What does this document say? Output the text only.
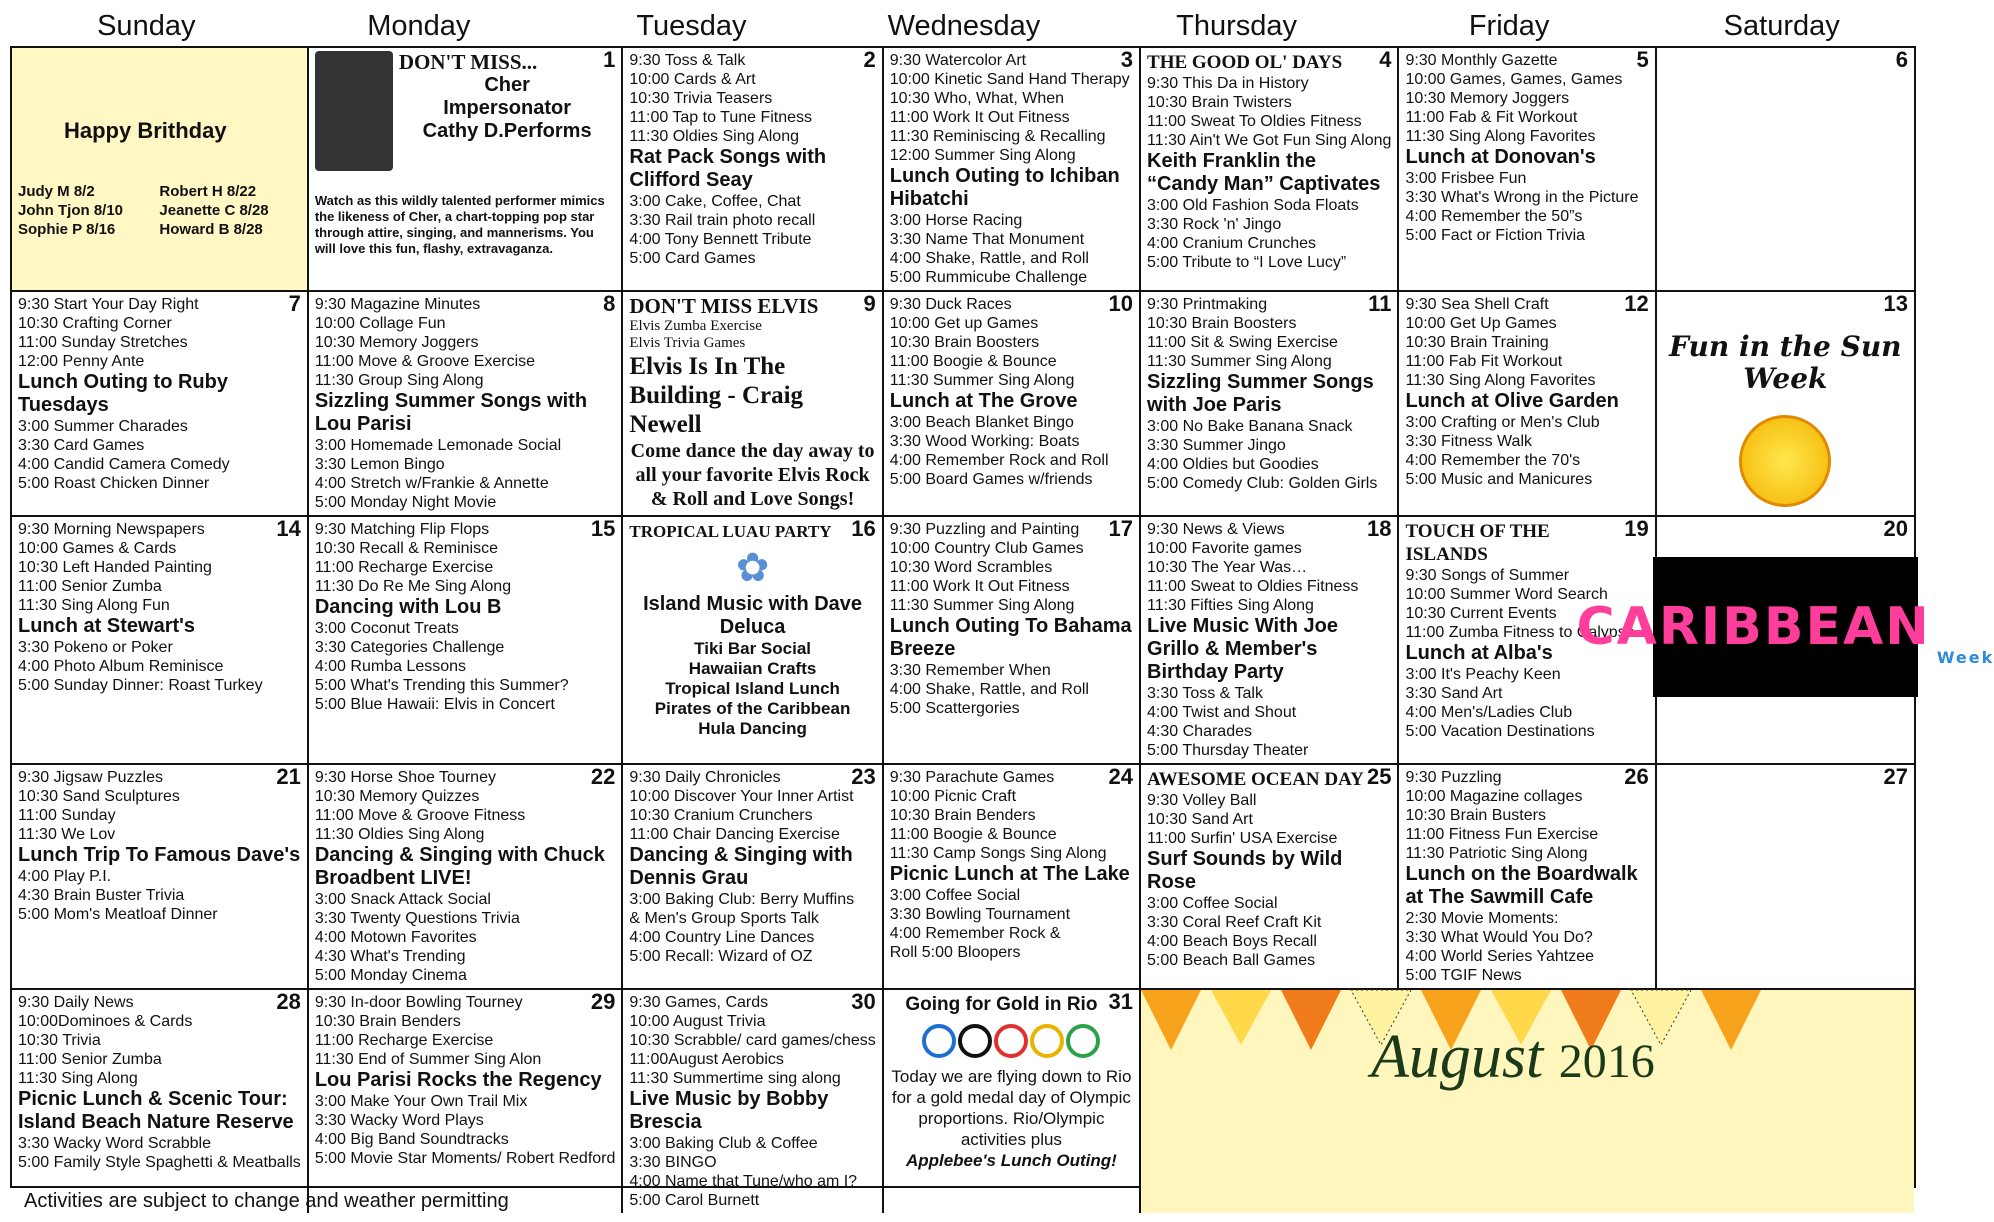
Sunday	Monday	Tuesday	Wednesday	Thursday	Friday	Saturday
Happy Brithday
Judy M 8/2	Robert H 8/22
John Tjon 8/10	Jeanette C 8/28
Sophie P 8/16	Howard B 8/28
1
DON'T MISS...
Cher
Impersonator
Cathy D.Performs
Watch as this wildly talented performer mimics the likeness of Cher, a chart-topping pop star through attire, singing, and mannerisms. You will love this fun, flashy, extravaganza.
2
9:30 Toss & Talk
10:00 Cards & Art
10:30 Trivia Teasers
11:00 Tap to Tune Fitness
11:30 Oldies Sing Along
Rat Pack Songs with Clifford Seay
3:00 Cake, Coffee, Chat
3:30 Rail train photo recall
4:00 Tony Bennett Tribute
5:00 Card Games
3
9:30 Watercolor Art
10:00 Kinetic Sand Hand Therapy
10:30 Who, What, When
11:00 Work It Out Fitness
11:30 Reminiscing & Recalling
12:00 Summer Sing Along
Lunch Outing to Ichiban Hibatchi
3:00 Horse Racing
3:30 Name That Monument
4:00 Shake, Rattle, and Roll
5:00 Rummicube Challenge
4
THE GOOD OL' DAYS
9:30 This Da in History
10:30 Brain Twisters
11:00 Sweat To Oldies Fitness
11:30 Ain't We Got Fun Sing Along
Keith Franklin the “Candy Man” Captivates
3:00 Old Fashion Soda Floats
3:30 Rock 'n' Jingo
4:00 Cranium Crunches
5:00 Tribute to “I Love Lucy”
5
9:30 Monthly Gazette
10:00 Games, Games, Games
10:30 Memory Joggers
11:00 Fab & Fit Workout
11:30 Sing Along Favorites
Lunch at Donovan's
3:00 Frisbee Fun
3:30 What's Wrong in the Picture
4:00 Remember the 50”s
5:00 Fact or Fiction Trivia
6
7
9:30 Start Your Day Right
10:30 Crafting Corner
11:00 Sunday Stretches
12:00 Penny Ante
Lunch Outing to Ruby Tuesdays
3:00 Summer Charades
3:30 Card Games
4:00 Candid Camera Comedy
5:00 Roast Chicken Dinner
8
9:30 Magazine Minutes
10:00 Collage Fun
10:30 Memory Joggers
11:00 Move & Groove Exercise
11:30 Group Sing Along
Sizzling Summer Songs with Lou Parisi
3:00 Homemade Lemonade Social
3:30 Lemon Bingo
4:00 Stretch w/Frankie & Annette
5:00 Monday Night Movie
9
DON'T MISS ELVIS
Elvis Zumba Exercise
Elvis Trivia Games
Elvis Is In The Building - Craig Newell
Come dance the day away to all your favorite Elvis Rock & Roll and Love Songs!
10
9:30 Duck Races
10:00 Get up Games
10:30 Brain Boosters
11:00 Boogie & Bounce
11:30 Summer Sing Along
Lunch at The Grove
3:00 Beach Blanket Bingo
3:30 Wood Working: Boats
4:00 Remember Rock and Roll
5:00 Board Games w/friends
11
9:30 Printmaking
10:30 Brain Boosters
11:00 Sit & Swing Exercise
11:30 Summer Sing Along
Sizzling Summer Songs with Joe Paris
3:00 No Bake Banana Snack
3:30 Summer Jingo
4:00 Oldies but Goodies
5:00 Comedy Club: Golden Girls
12
9:30 Sea Shell Craft
10:00 Get Up Games
10:30 Brain Training
11:00 Fab Fit Workout
11:30 Sing Along Favorites
Lunch at Olive Garden
3:00 Crafting or Men's Club
3:30 Fitness Walk
4:00 Remember the 70's
5:00 Music and Manicures
13
Fun in the Sun Week
14
9:30 Morning Newspapers
10:00 Games & Cards
10:30 Left Handed Painting
11:00 Senior Zumba
11:30 Sing Along Fun
Lunch at Stewart's
3:30 Pokeno or Poker
4:00 Photo Album Reminisce
5:00 Sunday Dinner: Roast Turkey
15
9:30 Matching Flip Flops
10:30 Recall & Reminisce
11:00 Recharge Exercise
11:30 Do Re Me Sing Along
Dancing with Lou B
3:00 Coconut Treats
3:30 Categories Challenge
4:00 Rumba Lessons
5:00 What's Trending this Summer?
5:00 Blue Hawaii: Elvis in Concert
16
TROPICAL LUAU PARTY
✿
Island Music with Dave Deluca
Tiki Bar Social
Hawaiian Crafts
Tropical Island Lunch
Pirates of the Caribbean
Hula Dancing
17
9:30 Puzzling and Painting
10:00 Country Club Games
10:30 Word Scrambles
11:00 Work It Out Fitness
11:30 Summer Sing Along
Lunch Outing To Bahama Breeze
3:30 Remember When
4:00 Shake, Rattle, and Roll
5:00 Scattergories
18
9:30 News & Views
10:00 Favorite games
10:30 The Year Was…
11:00 Sweat to Oldies Fitness
11:30 Fifties Sing Along
Live Music With Joe Grillo & Member's Birthday Party
3:30 Toss & Talk
4:00 Twist and Shout
4:30 Charades
5:00 Thursday Theater
19
TOUCH OF THE ISLANDS
9:30 Songs of Summer
10:00 Summer Word Search
10:30 Current Events
11:00 Zumba Fitness to Calypso
Lunch at Alba's
3:00 It's Peachy Keen
3:30 Sand Art
4:00 Men's/Ladies Club
5:00 Vacation Destinations
20
CARIBBEAN
Week
21
9:30 Jigsaw Puzzles
10:30 Sand Sculptures
11:00 Sunday
11:30 We Lov
Lunch Trip To Famous Dave's
4:00 Play P.I.
4:30 Brain Buster Trivia
5:00 Mom's Meatloaf Dinner
22
9:30 Horse Shoe Tourney
10:30 Memory Quizzes
11:00 Move & Groove Fitness
11:30 Oldies Sing Along
Dancing & Singing with Chuck Broadbent LIVE!
3:00 Snack Attack Social
3:30 Twenty Questions Trivia
4:00 Motown Favorites
4:30 What's Trending
5:00 Monday Cinema
23
9:30 Daily Chronicles
10:00 Discover Your Inner Artist
10:30 Cranium Crunchers
11:00 Chair Dancing Exercise
Dancing & Singing with Dennis Grau
3:00 Baking Club: Berry Muffins
& Men's Group Sports Talk
4:00 Country Line Dances
5:00 Recall: Wizard of OZ
24
9:30 Parachute Games
10:00 Picnic Craft
10:30 Brain Benders
11:00 Boogie & Bounce
11:30 Camp Songs Sing Along
Picnic Lunch at The Lake
3:00 Coffee Social
3:30 Bowling Tournament
4:00 Remember Rock &
Roll 5:00 Bloopers
25
AWESOME OCEAN DAY
9:30 Volley Ball
10:30 Sand Art
11:00 Surfin' USA Exercise
Surf Sounds by Wild Rose
3:00 Coffee Social
3:30 Coral Reef Craft Kit
4:00 Beach Boys Recall
5:00 Beach Ball Games
26
9:30 Puzzling
10:00 Magazine collages
10:30 Brain Busters
11:00 Fitness Fun Exercise
11:30 Patriotic Sing Along
Lunch on the Boardwalk at The Sawmill Cafe
2:30 Movie Moments:
3:30 What Would You Do?
4:00 World Series Yahtzee
5:00 TGIF News
27
28
9:30 Daily News
10:00Dominoes & Cards
10:30 Trivia
11:00 Senior Zumba
11:30 Sing Along
Picnic Lunch & Scenic Tour: Island Beach Nature Reserve
3:30 Wacky Word Scrabble
5:00 Family Style Spaghetti & Meatballs
29
9:30 In-door Bowling Tourney
10:30 Brain Benders
11:00 Recharge Exercise
11:30 End of Summer Sing Alon
Lou Parisi Rocks the Regency
3:00 Make Your Own Trail Mix
3:30 Wacky Word Plays
4:00 Big Band Soundtracks
5:00 Movie Star Moments/ Robert Redford
30
9:30 Games, Cards
10:00 August Trivia
10:30 Scrabble/ card games/chess
11:00August Aerobics
11:30 Summertime sing along
Live Music by Bobby Brescia
3:00 Baking Club & Coffee
3:30 BINGO
4:00 Name that Tune/who am I?
5:00 Carol Burnett
31
Going for Gold in Rio
Today we are flying down to Rio for a gold medal day of Olympic proportions. Rio/Olympic activities plus
Applebee's Lunch Outing!
August 2016
Activities are subject to change and weather permitting
